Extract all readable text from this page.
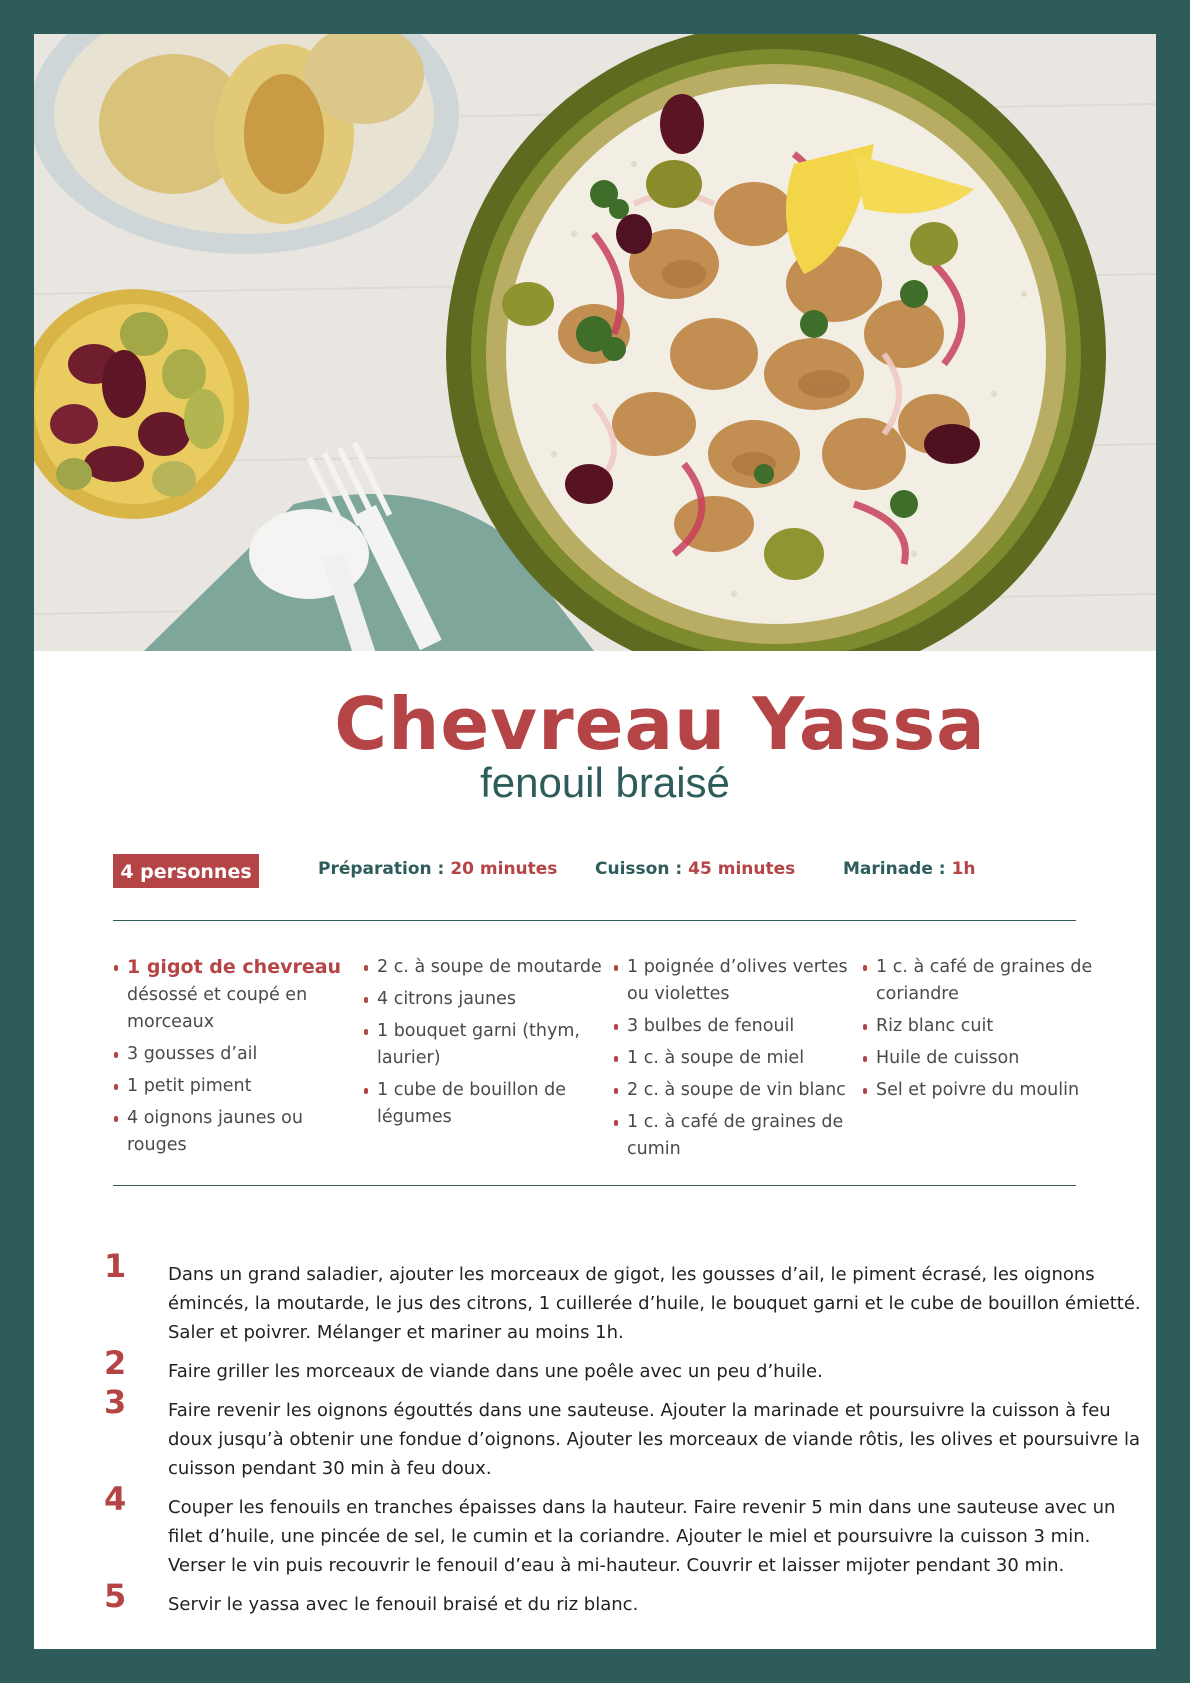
Chevreau Yassa
fenouil braisé
4 personnes	Préparation : 20 minutes Cuisson : 45 minutes	Marinade : 1h
1 gigot de chevreau
désossé et coupé en morceaux
3 gousses d’ail
1 petit piment
4 oignons jaunes ou rouges
2 c. à soupe de moutarde
4 citrons jaunes
1 bouquet garni (thym, laurier)
1 cube de bouillon de légumes
1 poignée d’olives vertes ou violettes
3 bulbes de fenouil
1 c. à soupe de miel
2 c. à soupe de vin blanc
1 c. à café de graines de cumin
1 c. à café de graines de coriandre
Riz blanc cuit
Huile de cuisson
Sel et poivre du moulin
1 Dans un grand saladier, ajouter les morceaux de gigot, les gousses d’ail, le piment écrasé, les oignons émincés, la moutarde, le jus des citrons, 1 cuillerée d’huile, le bouquet garni et le cube de bouillon émietté. Saler et poivrer. Mélanger et mariner au moins 1h.
2 Faire griller les morceaux de viande dans une poêle avec un peu d’huile.
3 Faire revenir les oignons égouttés dans une sauteuse. Ajouter la marinade et poursuivre la cuisson à feu doux jusqu’à obtenir une fondue d’oignons. Ajouter les morceaux de viande rôtis, les olives et poursuivre la cuisson pendant 30 min à feu doux.
4 Couper les fenouils en tranches épaisses dans la hauteur. Faire revenir 5 min dans une sauteuse avec un filet d’huile, une pincée de sel, le cumin et la coriandre. Ajouter le miel et poursuivre la cuisson 3 min. Verser le vin puis recouvrir le fenouil d’eau à mi-hauteur. Couvrir et laisser mijoter pendant 30 min.
5 Servir le yassa avec le fenouil braisé et du riz blanc.
